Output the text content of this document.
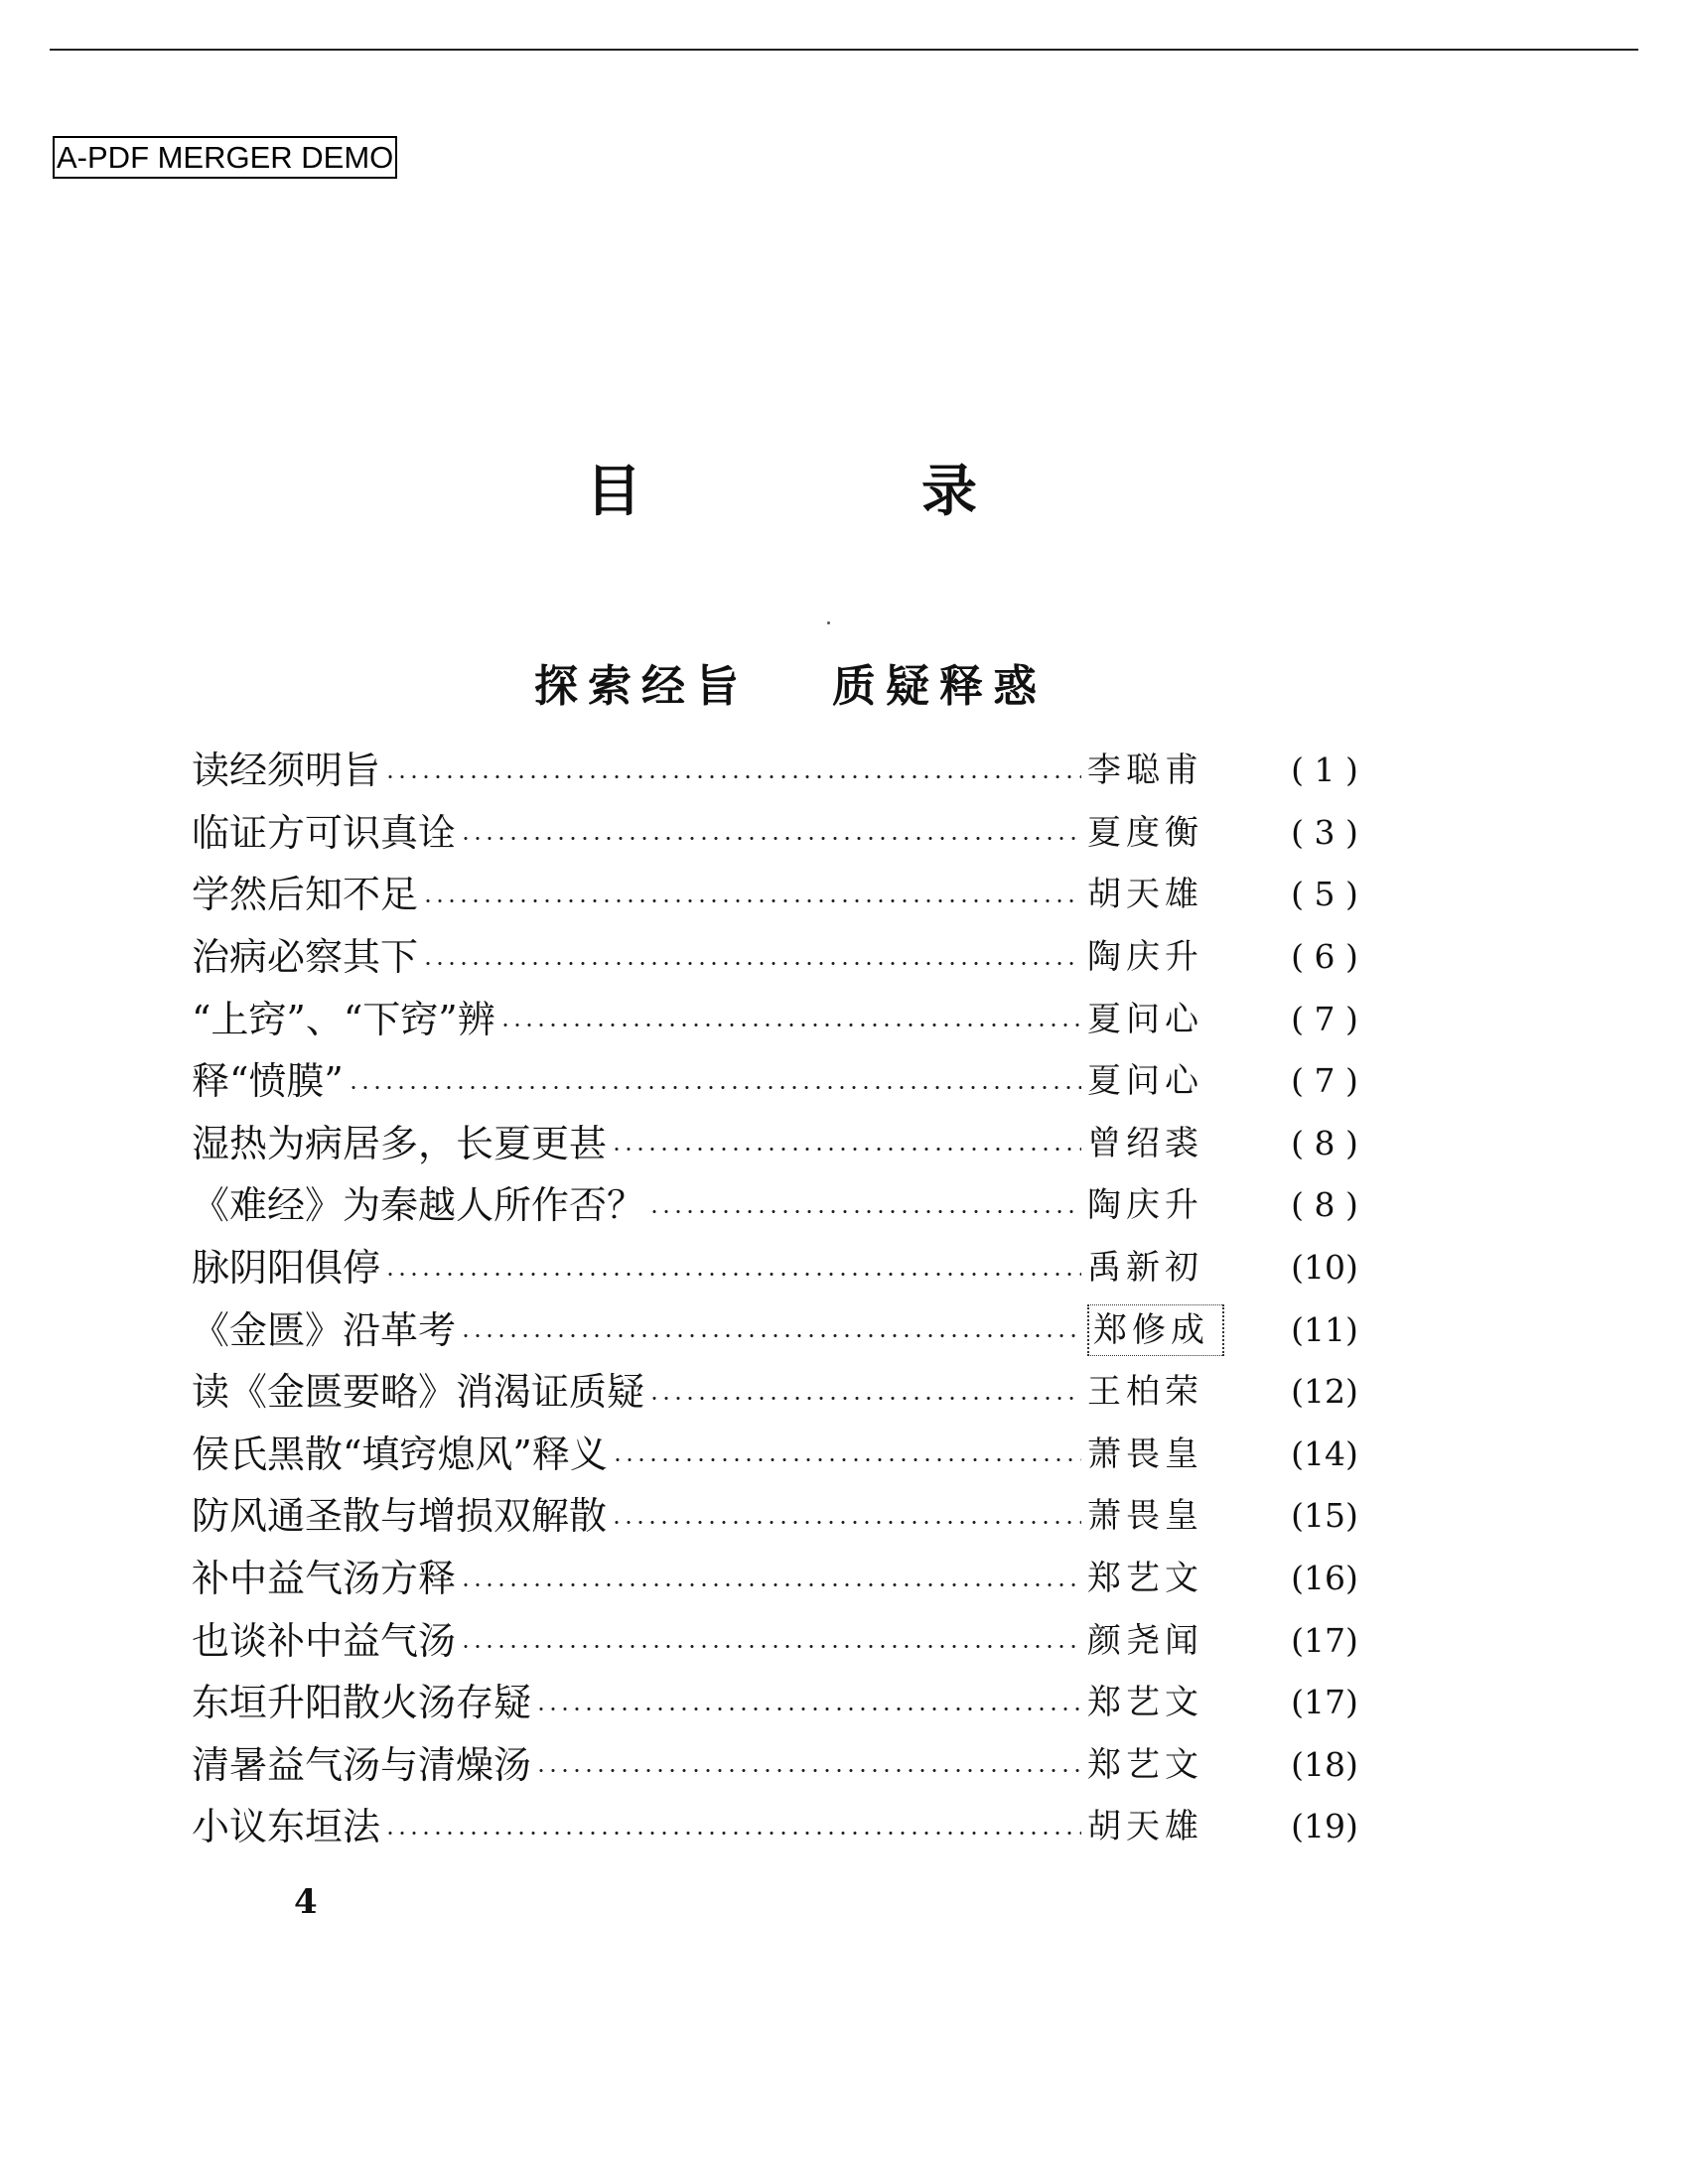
A-PDF MERGER DEMO
目	录
探索经旨 质疑释惑
读经须明旨	李聪甫	( 1 )
临证方可识真诠	夏度衡	( 3 )
学然后知不足	胡天雄	( 5 )
治病必察其下	陶庆升	( 6 )
“上窍”、“下窍”辨	夏问心	( 7 )
释“愤膜”	夏问心	( 7 )
湿热为病居多，长夏更甚	曾绍裘	( 8 )
《难经》为秦越人所作否？	陶庆升	( 8 )
脉阴阳俱停	禹新初	(10)
《金匮》沿革考	郑修成	(11)
读《金匮要略》消渴证质疑	王柏荣	(12)
侯氏黑散“填窍熄风”释义	萧畏皇	(14)
防风通圣散与增损双解散	萧畏皇	(15)
补中益气汤方释	郑艺文	(16)
也谈补中益气汤	颜尧闻	(17)
东垣升阳散火汤存疑	郑艺文	(17)
清暑益气汤与清燥汤	郑艺文	(18)
小议东垣法	胡天雄	(19)
4
